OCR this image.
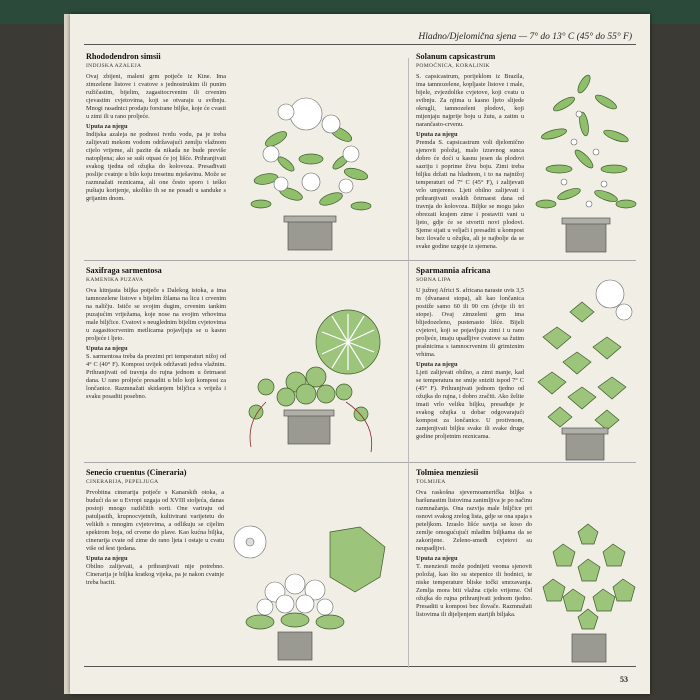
Hladno/Djelomična sjena — 7° do 13° C (45° do 55° F)
Rhododendron simsii
INDIJSKA AZALEJA

Ovaj zbijeni, maleni grm potječe iz Kine. Ima zimzelene listove i cvatove s jednostrukim ili punim ružičastim, bijelim, zagasitocrvenim ili crvenim cjevastim cvjetovima, koji se otvaraju u svibnju. Mnogi rasadnici prodaju forsirane biljke, koje će cvasti u zimi ili u rano proljeće.

Uputa za njegu

Indijska azaleja ne podnosi tvrdu vodu, pa je treba zalijevati mekom vodom održavajući zemlju vlažnom cijelo vrijeme, ali pazite da nikada ne bude previše natopljena; ako se suši otpast će joj lišće. Prihranjivati svakog tjedna od ožujka do kolovoza. Presađivati poslije cvatnje u bilo koju tresetnu mješavinu. Može se razmnažati reznicama, ali one često sporo i teško puštaju korijenje, ukoliko ih se ne posadi u sanduke s grijanim dnom.

Solanum capsicastrum
POMOĆNICA, KORALJNIK

S. capsicastrum, porijeklom iz Brazila, ima tamnozelene, kopljaste listove i male, bijele, zvjezdolike cvjetove, koji cvatu u svibnju. Za njima u kasno ljeto slijede okrugli, tamnozeleni plodovi, koji mijenjaju najprije boju u žutu, a zatim u narančasto-crvenu.

Uputa za njegu

Premda S. capsicastrum voli djelomično sjenovit položaj, malo izravnog sunca dobro će doći u kasnu jesen da plodovi sazriju i poprime živu boju. Zimi treba biljku držati na hladnom, i to na najnižoj temperaturi od 7° C (45° F), i zalijevati vrlo umjereno. Ljeti obilno zalijevati i prihranjivati svakih četrnaest dana od travnja do kolovoza. Biljke se mogu jako obrezati krajem zime i postaviti vani u ljeto, gdje će se stvoriti novi plodovi. Sjeme sijati u veljači i presaditi u kompost bez ilovače u ožujku, ali je najbolje da se svake godine uzgoje iz sjemena.

Saxifraga sarmentosa
KAMENIKA PUZAVA

Ova kitnjasta biljka potječe s Dalekog istoka, a ima tamnozelene listove s bijelim žilama na licu i crvenim na naličju. Ističe se svojim dugim, crvenim tankim puzajućim vriježama, koje nose na svojim vrhovima male biljčice. Cvatovi s neuglednim bijelim cvjetovima u zagasitocrvenim metlicama pojavljuju se u kasno proljeće i ljeto.

Uputa za njegu

S. sarmentosa treba da prezimi pri temperaturi nižoj od 4° C (40° F). Kompost uvijek održavati jedva vlažnim. Prihranjivati od travnja do rujna jednom u četrnaest dana. U rano proljeće presaditi u bilo koji kompost za lončanice. Razmnažati skidanjem biljčica s vriježa i svaku posaditi posebno.

Sparmannia africana
SOBNA LIPA

U južnoj Africi S. africana naraste uvis 3,5 m (dvanaest stopa), ali kao lončanica postiže samo 60 ili 90 cm (dvije ili tri stope). Ovaj zimzeleni grm ima blijedozeleno, pustenasto lišće. Bijeli cvjetovi, koji se pojavljuju zimi i u rano proljeće, imaju upadljive cvatove sa žutim prašnicima s tamnocrvenim ili grimiznim vrhima.

Uputa za njegu

Ljeti zalijevati obilno, a zimi manje, kad se temperatura ne smije sniziti ispod 7° C (45° F). Prihranjivati jednom tjedno od ožujka do rujna, i dobro zračiti. Ako želite imati vrlo veliku biljku, presađuje je svakog ožujka u dobar odgovarajući kompost za lončanice. U protivnom, zamjenjivati biljku svake ili svake druge godine proljetnim reznicama.

Senecio cruentus (Cineraria)
CINERARIJA, PEPELJUGA

Prvobitna cinerarija potječe s Kanarskih otoka, a budući da se u Evropi uzgaja od XVIII stoljeća, danas postoji mnogo različitih sorti. One variraju od patuljastih, krupnocvjetnih, kultivirani varijetetu do velikih s mnogim cvjetovima, a odlikuju se cijelim spektrom boja, od crvene do plave. Kao kućna biljka, cinerarija cvate od zime do rano ljeta i ostaje u cvatu više od šest tjedana.

Uputa za njegu

Obilno zalijevati, a prihranjivati nije potrebno. Cinerarija je biljka kratkog vijeka, pa je nakon cvatnje treba baciti.

Tolmiea menziesii
TOLMIJEA

Ova raskošna sjevernoamerička biljka s baršunastim listovima zanimljiva je po načinu razmnažanja. Ona razvija male biljčice pri osnovi svakog zrelog lista, gdje se ona spaja s peteljkom. Izraslo lišće savija se koso do zemlje omogućujući mladim biljkama da se zakorijene. Zeleno-smeđi cvjetovi su neupadljivi.

Uputa za njegu

T. menziesii može podnijeti veoma sjenovit položaj, kao što su stepenice ili hodnici, te niske temperature bliske točki smrzavanja. Zemlja mora biti vlažna cijelo vrijeme. Od ožujka do rujna prihranjivati jednom tjedno. Presaditi u kompost bez ilovače. Razmnažati listovima ili dijeljenjem starijih biljaka.

53
